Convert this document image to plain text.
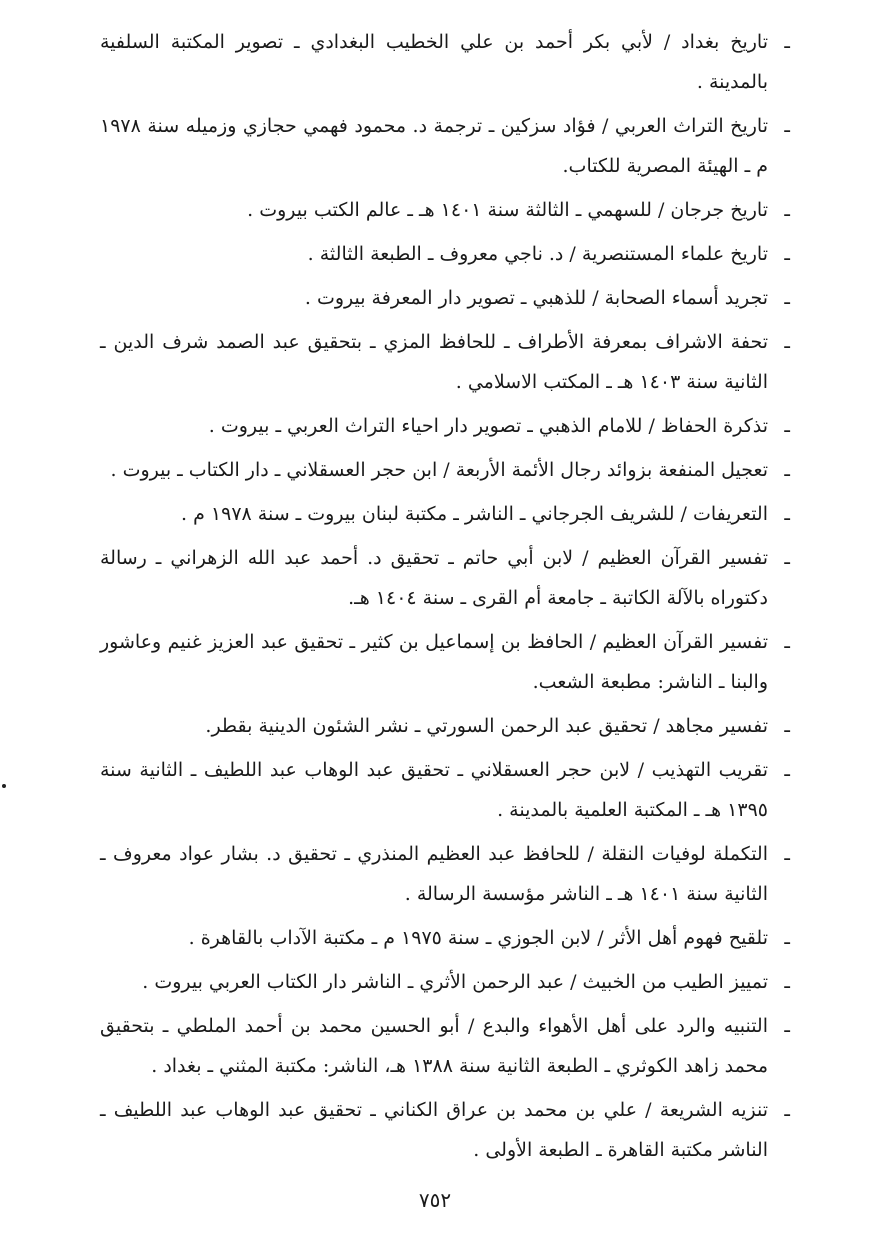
ـ
تاريخ بغداد / لأبي بكر أحمد بن علي الخطيب البغدادي ـ تصوير المكتبة السلفية بالمدينة .
ـ
تاريخ التراث العربي / فؤاد سزكين ـ ترجمة د. محمود فهمي حجازي وزميله سنة ١٩٧٨ م ـ الهيئة المصرية للكتاب.
ـ
تاريخ جرجان / للسهمي ـ الثالثة سنة ١٤٠١ هـ ـ عالم الكتب بيروت .
ـ
تاريخ علماء المستنصرية / د. ناجي معروف ـ الطبعة الثالثة .
ـ
تجريد أسماء الصحابة / للذهبي ـ تصوير دار المعرفة بيروت .
ـ
تحفة الاشراف بمعرفة الأطراف ـ للحافظ المزي ـ بتحقيق عبد الصمد شرف الدين ـ الثانية سنة ١٤٠٣ هـ ـ المكتب الاسلامي .
ـ
تذكرة الحفاظ / للامام الذهبي ـ تصوير دار احياء التراث العربي ـ بيروت .
ـ
تعجيل المنفعة بزوائد رجال الأئمة الأربعة / ابن حجر العسقلاني ـ دار الكتاب ـ بيروت .
ـ
التعريفات / للشريف الجرجاني ـ الناشر ـ مكتبة لبنان بيروت ـ سنة ١٩٧٨ م .
ـ
تفسير القرآن العظيم / لابن أبي حاتم ـ تحقيق د. أحمد عبد الله الزهراني ـ رسالة دكتوراه بالآلة الكاتبة ـ جامعة أم القرى ـ سنة ١٤٠٤ هـ.
ـ
تفسير القرآن العظيم / الحافظ بن إسماعيل بن كثير ـ تحقيق عبد العزيز غنيم وعاشور والبنا ـ الناشر: مطبعة الشعب.
ـ
تفسير مجاهد / تحقيق عبد الرحمن السورتي ـ نشر الشئون الدينية بقطر.
ـ
تقريب التهذيب / لابن حجر العسقلاني ـ تحقيق عبد الوهاب عبد اللطيف ـ الثانية سنة ١٣٩٥ هـ ـ المكتبة العلمية بالمدينة .
ـ
التكملة لوفيات النقلة / للحافظ عبد العظيم المنذري ـ تحقيق د. بشار عواد معروف ـ الثانية سنة ١٤٠١ هـ ـ الناشر مؤسسة الرسالة .
ـ
تلقيح فهوم أهل الأثر / لابن الجوزي ـ سنة ١٩٧٥ م ـ مكتبة الآداب بالقاهرة .
ـ
تمييز الطيب من الخبيث / عبد الرحمن الأثري ـ الناشر دار الكتاب العربي بيروت .
ـ
التنبيه والرد على أهل الأهواء والبدع / أبو الحسين محمد بن أحمد الملطي ـ بتحقيق محمد زاهد الكوثري ـ الطبعة الثانية سنة ١٣٨٨ هـ، الناشر: مكتبة المثني ـ بغداد .
ـ
تنزيه الشريعة / علي بن محمد بن عراق الكناني ـ تحقيق عبد الوهاب عبد اللطيف ـ الناشر مكتبة القاهرة ـ الطبعة الأولى .
٧٥٢
